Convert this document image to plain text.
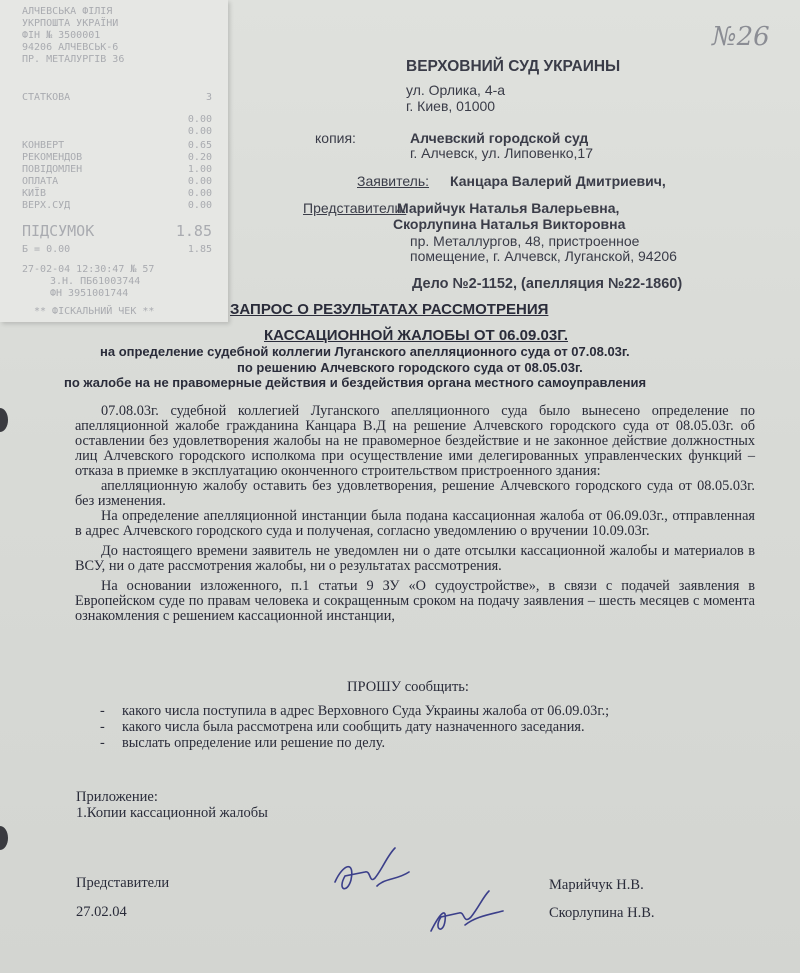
АЛЧЕВСЬКА ФІЛІЯ
УКРПОШТА УКРАЇНИ
ФІН № 3500001
94206 АЛЧЕВСЬК-6
ПР. МЕТАЛУРГІВ 36
СТАТКОВА	3
0.00
0.00
КОНВЕРТ	0.65
РЕКОМЕНДОВ	0.20
ПОВІДОМЛЕН	1.00
ОПЛАТА	0.00
КИЇВ	0.00
ВЕРХ.СУД	0.00
ПІДСУМОК	1.85
Б = 0.00	1.85
27-02-04 12:30:47 № 57
З.Н. ПБ61003744
ФН 3951001744
** ФІСКАЛЬНИЙ ЧЕК **
№26
ВЕРХОВНИЙ СУД УКРАИНЫ
ул. Орлика, 4-а
г. Киев, 01000
копия:	Алчевский городской суд
г. Алчевск, ул. Липовенко,17
Заявитель: Канцара Валерий Дмитриевич,
Представители:
Марийчук Наталья Валерьевна,
Скорлупина Наталья Викторовна
пр. Металлургов, 48, пристроенное
помещение, г. Алчевск, Луганской, 94206
Дело №2-1152, (апелляция №22-1860)
ЗАПРОС О РЕЗУЛЬТАТАХ РАССМОТРЕНИЯ
КАССАЦИОННОЙ ЖАЛОБЫ ОТ 06.09.03Г.
на определение судебной коллегии Луганского апелляционного суда от 07.08.03г.
по решению Алчевского городского суда от 08.05.03г.
по жалобе на не правомерные действия и бездействия органа местного самоуправления

07.08.03г. судебной коллегией Луганского апелляционного суда было вынесено определение по апелляционной жалобе гражданина Канцара В.Д на решение Алчевского городского суда от 08.05.03г. об оставлении без удовлетворения жалобы на не правомерное бездействие и не законное действие должностных лиц Алчевского городского исполкома при осуществление ими делегированных управленческих функций – отказа в приемке в эксплуатацию оконченного строительством пристроенного здания:

апелляционную жалобу оставить без удовлетворения, решение Алчевского городского суда от 08.05.03г. без изменения.

На определение апелляционной инстанции была подана кассационная жалоба от 06.09.03г., отправленная в адрес Алчевского городского суда и полученая, согласно уведомлению о вручении 10.09.03г.

До настоящего времени заявитель не уведомлен ни о дате отсылки кассационной жалобы и материалов в ВСУ, ни о дате рассмотрения жалобы, ни о результатах рассмотрения.

На основании изложенного, п.1 статьи 9 ЗУ «О судоустройстве», в связи с подачей заявления в Европейском суде по правам человека и сокращенным сроком на подачу заявления – шесть месяцев с момента ознакомления с решением кассационной инстанции,

ПРОШУ сообщить:
- какого числа поступила в адрес Верховного Суда Украины жалоба от 06.09.03г.;
- какого числа была рассмотрена или сообщить дату назначенного заседания.
- выслать определение или решение по делу.
Приложение:
1.Копии кассационной жалобы
Представители
27.02.04
Марийчук Н.В.
Скорлупина Н.В.
